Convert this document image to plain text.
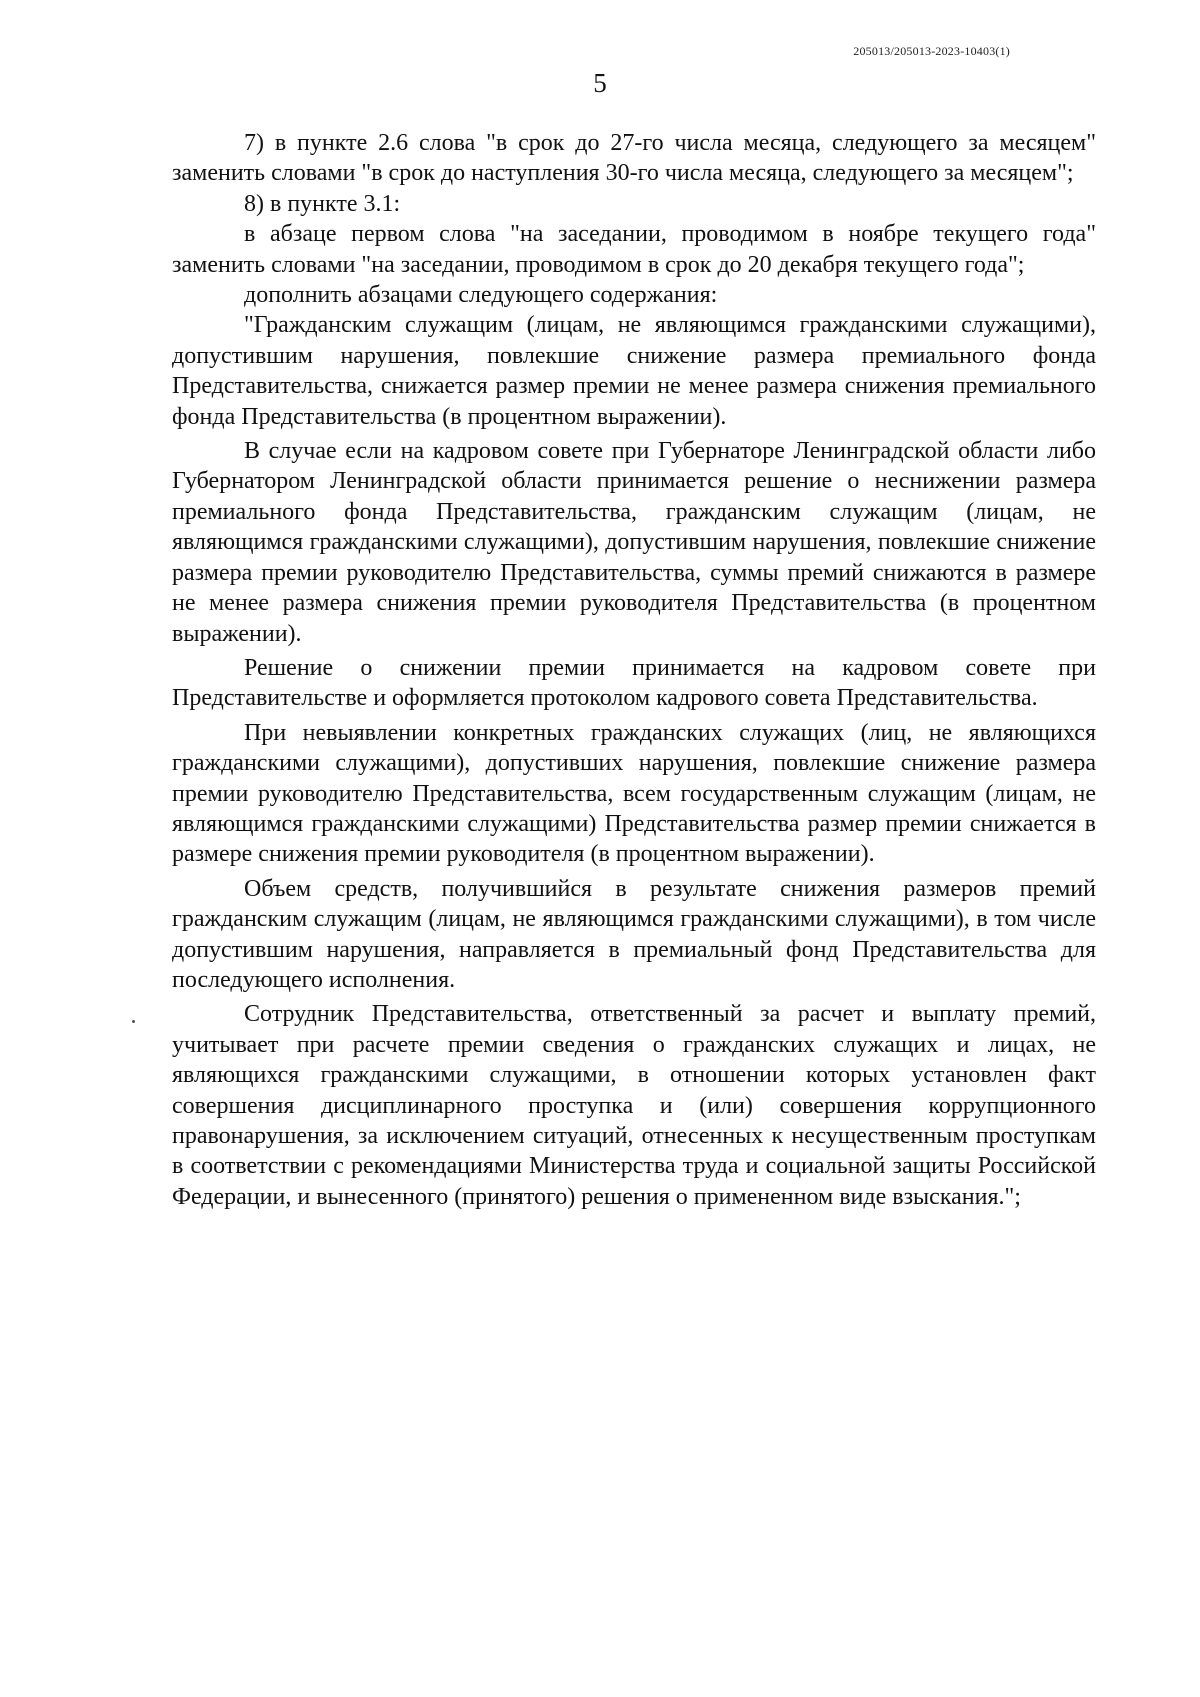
205013/205013-2023-10403(1)
5

7) в пункте 2.6 слова "в срок до 27-го числа месяца, следующего за месяцем" заменить словами "в срок до наступления 30-го числа месяца, следующего за месяцем";

8) в пункте 3.1:

в абзаце первом слова "на заседании, проводимом в ноябре текущего года" заменить словами "на заседании, проводимом в срок до 20 декабря текущего года";

дополнить абзацами следующего содержания:

"Гражданским служащим (лицам, не являющимся гражданскими служащими), допустившим нарушения, повлекшие снижение размера премиального фонда Представительства, снижается размер премии не менее размера снижения премиального фонда Представительства (в процентном выражении).

В случае если на кадровом совете при Губернаторе Ленинградской области либо Губернатором Ленинградской области принимается решение о неснижении размера премиального фонда Представительства, гражданским служащим (лицам, не являющимся гражданскими служащими), допустившим нарушения, повлекшие снижение размера премии руководителю Представительства, суммы премий снижаются в размере не менее размера снижения премии руководителя Представительства (в процентном выражении).

Решение о снижении премии принимается на кадровом совете при Представительстве и оформляется протоколом кадрового совета Представительства.

При невыявлении конкретных гражданских служащих (лиц, не являющихся гражданскими служащими), допустивших нарушения, повлекшие снижение размера премии руководителю Представительства, всем государственным служащим (лицам, не являющимся гражданскими служащими) Представительства размер премии снижается в размере снижения премии руководителя (в процентном выражении).

Объем средств, получившийся в результате снижения размеров премий гражданским служащим (лицам, не являющимся гражданскими служащими), в том числе допустившим нарушения, направляется в премиальный фонд Представительства для последующего исполнения.

Сотрудник Представительства, ответственный за расчет и выплату премий, учитывает при расчете премии сведения о гражданских служащих и лицах, не являющихся гражданскими служащими, в отношении которых установлен факт совершения дисциплинарного проступка и (или) совершения коррупционного правонарушения, за исключением ситуаций, отнесенных к несущественным проступкам в соответствии с рекомендациями Министерства труда и социальной защиты Российской Федерации, и вынесенного (принятого) решения о примененном виде взыскания.";
